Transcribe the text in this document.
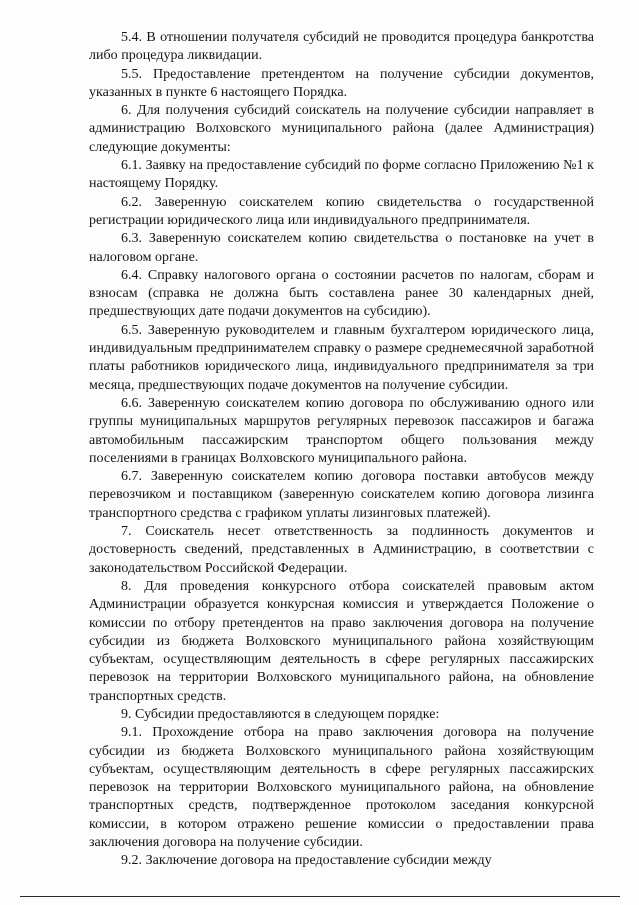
5.4. В отношении получателя субсидий не проводится процедура банкротства либо процедура ликвидации.

5.5. Предоставление претендентом на получение субсидии документов, указанных в пункте 6 настоящего Порядка.

6. Для получения субсидий соискатель на получение субсидии направляет в администрацию Волховского муниципального района (далее Администрация) следующие документы:

6.1. Заявку на предоставление субсидий по форме согласно Приложению №1 к настоящему Порядку.

6.2. Заверенную соискателем копию свидетельства о государственной регистрации юридического лица или индивидуального предпринимателя.

6.3. Заверенную соискателем копию свидетельства о постановке на учет в налоговом органе.

6.4. Справку налогового органа о состоянии расчетов по налогам, сборам и взносам (справка не должна быть составлена ранее 30 календарных дней, предшествующих дате подачи документов на субсидию).

6.5. Заверенную руководителем и главным бухгалтером юридического лица, индивидуальным предпринимателем справку о размере среднемесячной заработной платы работников юридического лица, индивидуального предпринимателя за три месяца, предшествующих подаче документов на получение субсидии.

6.6. Заверенную соискателем копию договора по обслуживанию одного или группы муниципальных маршрутов регулярных перевозок пассажиров и багажа автомобильным пассажирским транспортом общего пользования между поселениями в границах Волховского муниципального района.

6.7. Заверенную соискателем копию договора поставки автобусов между перевозчиком и поставщиком (заверенную соискателем копию договора лизинга транспортного средства с графиком уплаты лизинговых платежей).

7. Соискатель несет ответственность за подлинность документов и достоверность сведений, представленных в Администрацию, в соответствии с законодательством Российской Федерации.

8. Для проведения конкурсного отбора соискателей правовым актом Администрации образуется конкурсная комиссия и утверждается Положение о комиссии по отбору претендентов на право заключения договора на получение субсидии из бюджета Волховского муниципального района хозяйствующим субъектам, осуществляющим деятельность в сфере регулярных пассажирских перевозок на территории Волховского муниципального района, на обновление транспортных средств.

9. Субсидии предоставляются в следующем порядке:

9.1. Прохождение отбора на право заключения договора на получение субсидии из бюджета Волховского муниципального района хозяйствующим субъектам, осуществляющим деятельность в сфере регулярных пассажирских перевозок на территории Волховского муниципального района, на обновление транспортных средств, подтвержденное протоколом заседания конкурсной комиссии, в котором отражено решение комиссии о предоставлении права заключения договора на получение субсидии.

9.2. Заключение договора на предоставление субсидии между
